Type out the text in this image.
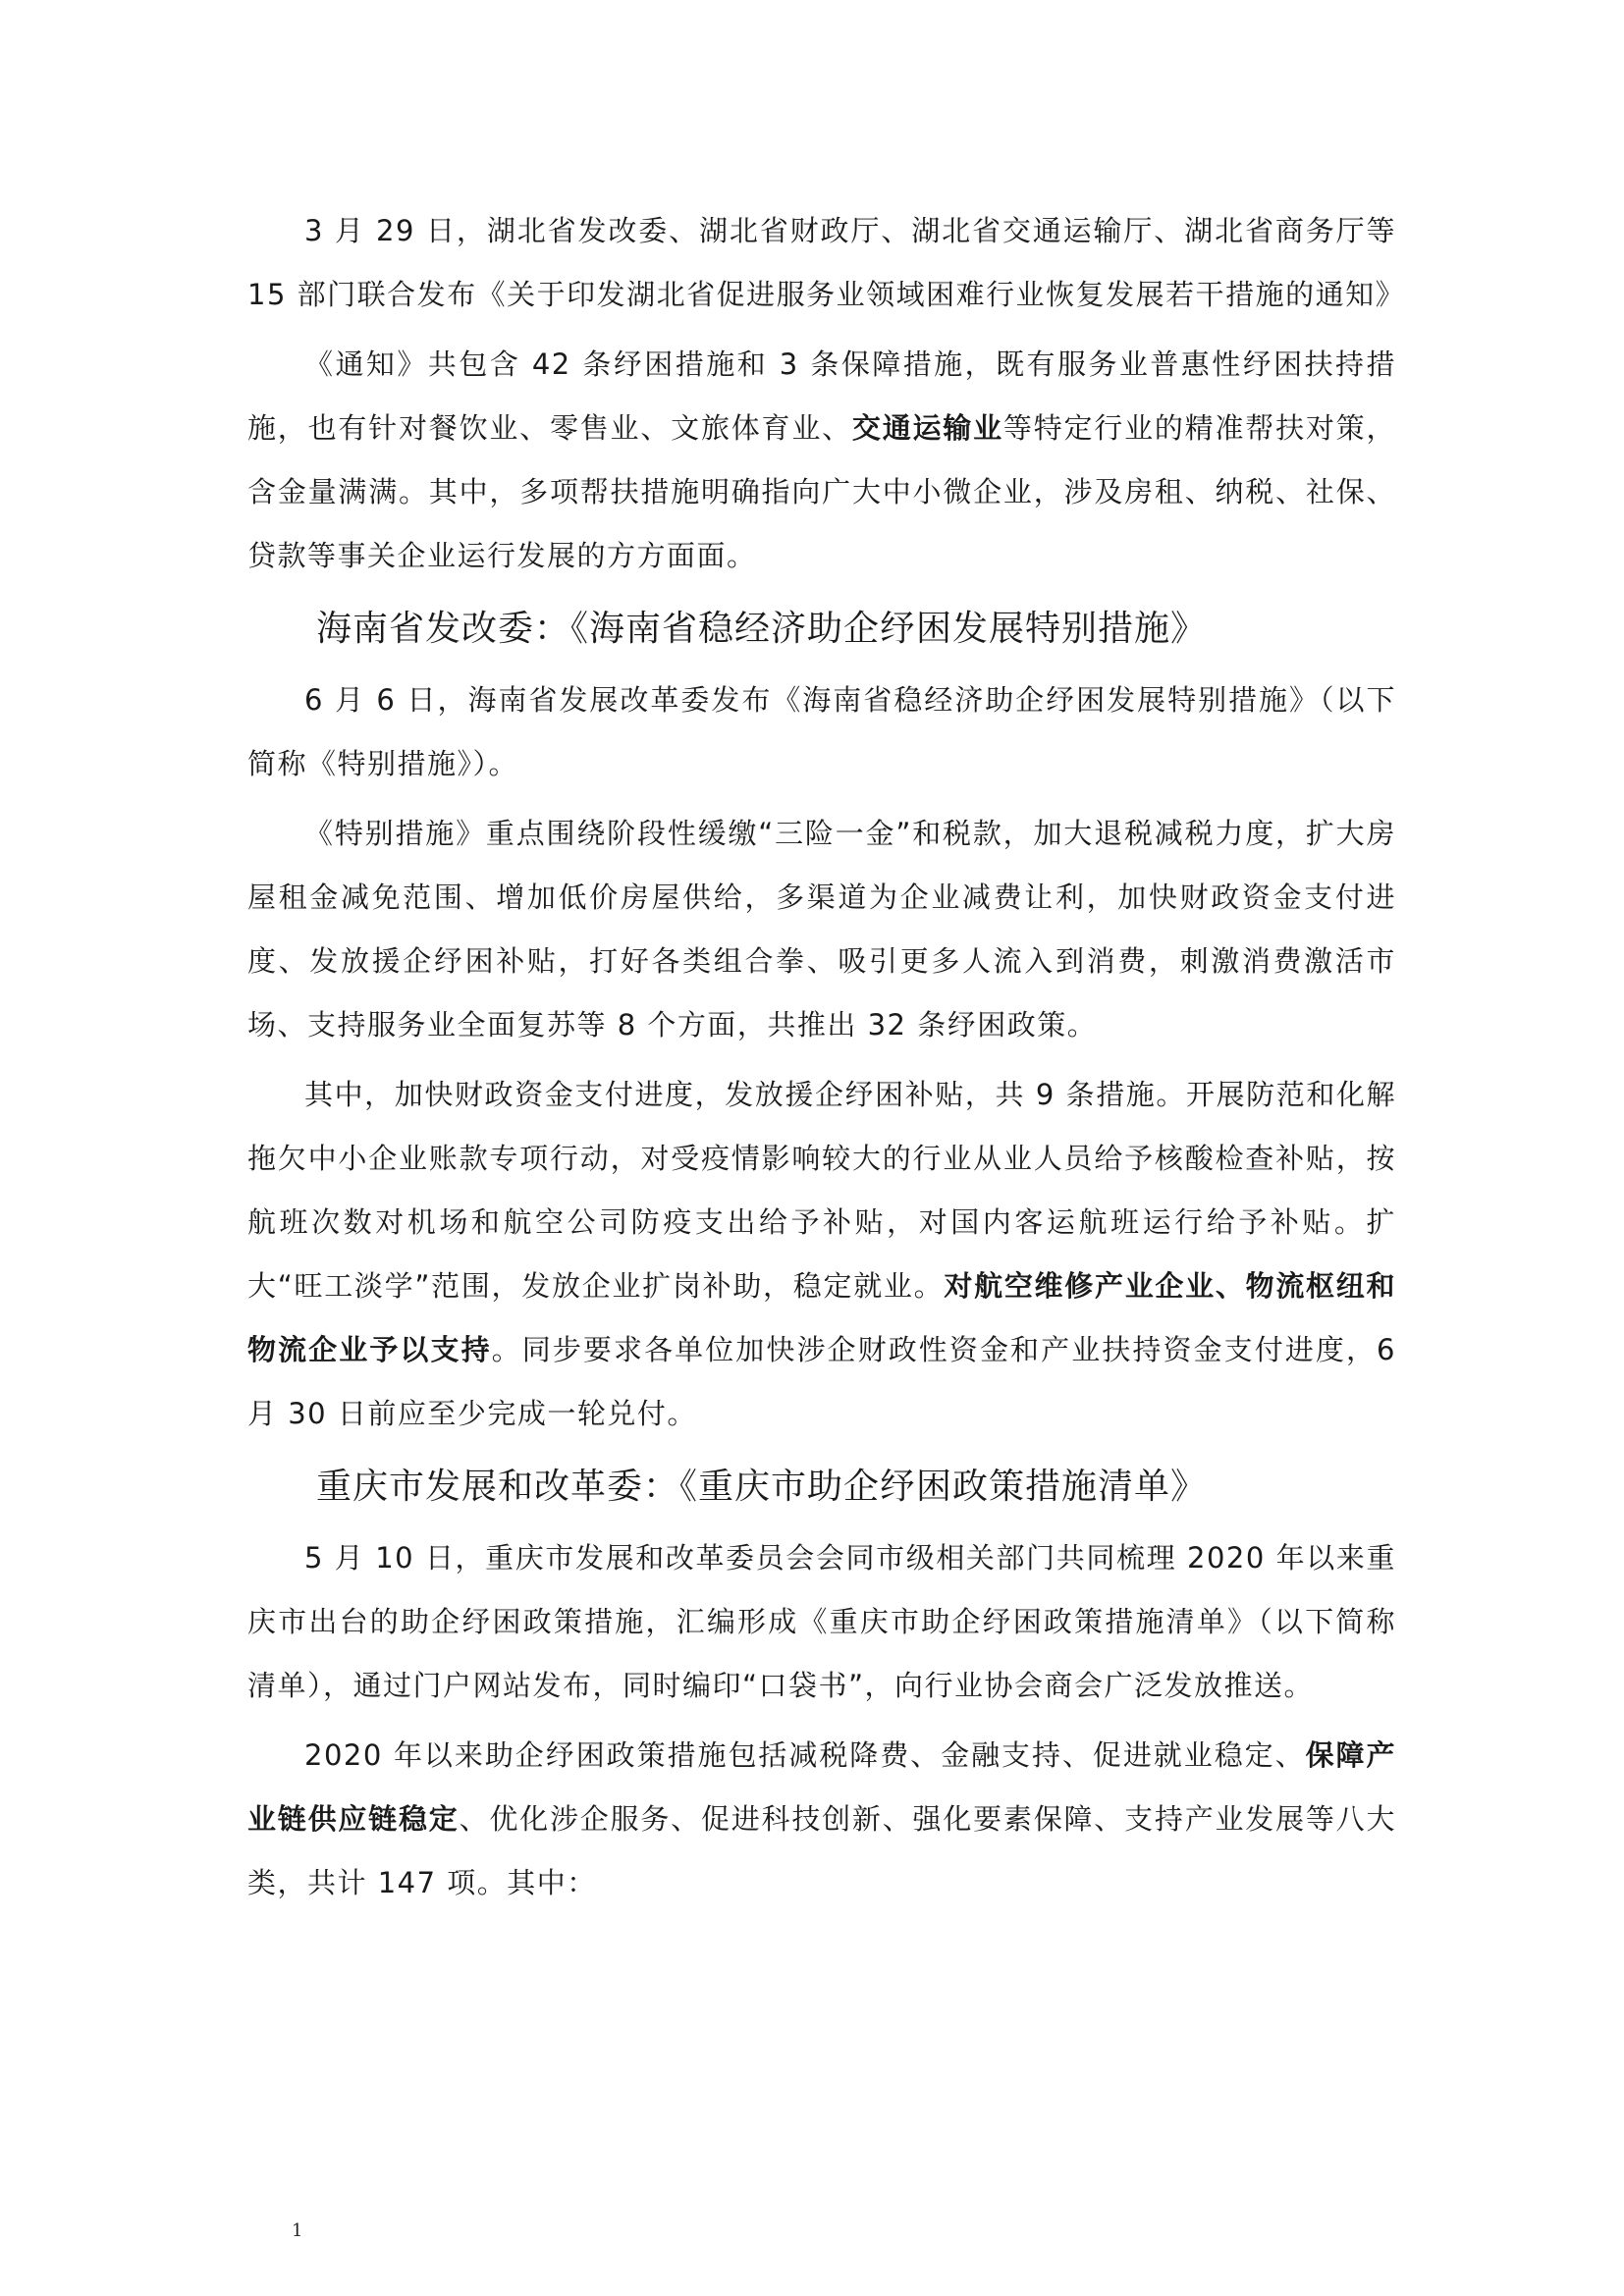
3 月 29 日，湖北省发改委、湖北省财政厅、湖北省交通运输厅、湖北省商务厅等 15 部门联合发布《关于印发湖北省促进服务业领域困难行业恢复发展若干措施的通知》

《通知》共包含 42 条纾困措施和 3 条保障措施，既有服务业普惠性纾困扶持措施，也有针对餐饮业、零售业、文旅体育业、交通运输业等特定行业的精准帮扶对策，含金量满满。其中，多项帮扶措施明确指向广大中小微企业，涉及房租、纳税、社保、贷款等事关企业运行发展的方方面面。

海南省发改委：《海南省稳经济助企纾困发展特别措施》

6 月 6 日，海南省发展改革委发布《海南省稳经济助企纾困发展特别措施》（以下简称《特别措施》）。

《特别措施》重点围绕阶段性缓缴“三险一金”和税款，加大退税减税力度，扩大房屋租金减免范围、增加低价房屋供给，多渠道为企业减费让利，加快财政资金支付进度、发放援企纾困补贴，打好各类组合拳、吸引更多人流入到消费，刺激消费激活市场、支持服务业全面复苏等 8 个方面，共推出 32 条纾困政策。

其中，加快财政资金支付进度，发放援企纾困补贴，共 9 条措施。开展防范和化解拖欠中小企业账款专项行动，对受疫情影响较大的行业从业人员给予核酸检查补贴，按航班次数对机场和航空公司防疫支出给予补贴，对国内客运航班运行给予补贴。扩大“旺工淡学”范围，发放企业扩岗补助，稳定就业。对航空维修产业企业、物流枢纽和物流企业予以支持。同步要求各单位加快涉企财政性资金和产业扶持资金支付进度，6 月 30 日前应至少完成一轮兑付。

重庆市发展和改革委：《重庆市助企纾困政策措施清单》

5 月 10 日，重庆市发展和改革委员会会同市级相关部门共同梳理 2020 年以来重庆市出台的助企纾困政策措施，汇编形成《重庆市助企纾困政策措施清单》（以下简称清单），通过门户网站发布，同时编印“口袋书”，向行业协会商会广泛发放推送。

2020 年以来助企纾困政策措施包括减税降费、金融支持、促进就业稳定、保障产业链供应链稳定、优化涉企服务、促进科技创新、强化要素保障、支持产业发展等八大类，共计 147 项。其中：

1
